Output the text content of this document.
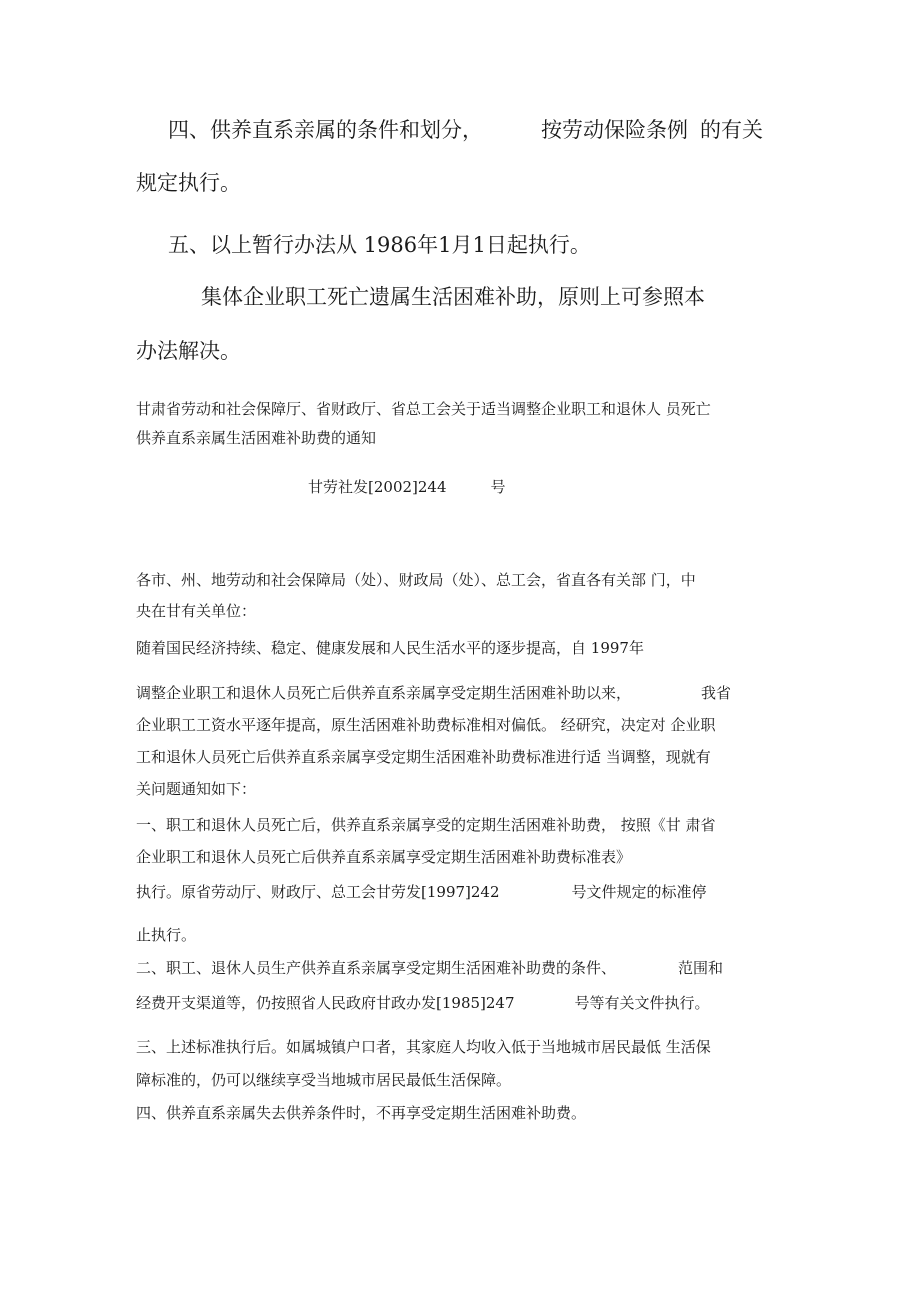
四、供养直系亲属的条件和划分，	按劳动保险条例 的有关

规定执行。

五、以上暂行办法从 1986年1月1日起执行。

集体企业职工死亡遗属生活困难补助，原则上可参照本

办法解决。

甘肃省劳动和社会保障厅、省财政厅、省总工会关于适当调整企业职工和退休人 员死亡

供养直系亲属生活困难补助费的通知

甘劳社发[2002]244	号

各市、州、地劳动和社会保障局（处）、财政局（处）、总工会，省直各有关部 门，中

央在甘有关单位：

随着国民经济持续、稳定、健康发展和人民生活水平的逐步提高，自 1997年

调整企业职工和退休人员死亡后供养直系亲属享受定期生活困难补助以来，	我省

企业职工工资水平逐年提高，原生活困难补助费标准相对偏低。 经研究，决定对 企业职

工和退休人员死亡后供养直系亲属享受定期生活困难补助费标准进行适 当调整，现就有

关问题通知如下：

一、职工和退休人员死亡后，供养直系亲属享受的定期生活困难补助费， 按照《甘 肃省

企业职工和退休人员死亡后供养直系亲属享受定期生活困难补助费标准表》

执行。原省劳动厅、财政厅、总工会甘劳发[1997]242	号文件规定的标准停

止执行。

二、职工、退休人员生产供养直系亲属享受定期生活困难补助费的条件、	范围和

经费开支渠道等，仍按照省人民政府甘政办发[1985]247	号等有关文件执行。

三、上述标准执行后。如属城镇户口者，其家庭人均收入低于当地城市居民最低 生活保

障标准的，仍可以继续享受当地城市居民最低生活保障。

四、供养直系亲属失去供养条件时，不再享受定期生活困难补助费。
